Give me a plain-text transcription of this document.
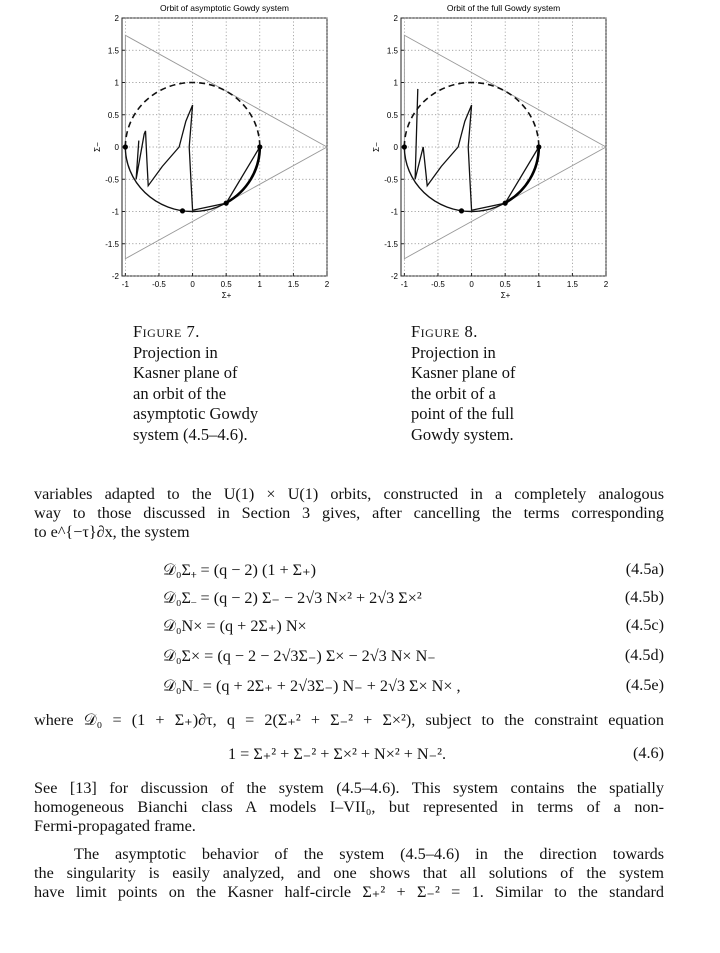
Orbit of asymptotic Gowdy system
-1	-0.5	0	0.5	1	1.5	2
2
1.5
1
0.5
0
-0.5
-1
-1.5
-2
Σ+
Σ−
Figure 7.
Projection in
Kasner plane of
an orbit of the
asymptotic Gowdy
system (4.5–4.6).
Orbit of the full Gowdy system
-1	-0.5	0	0.5	1	1.5	2
2
1.5
1
0.5
0
-0.5
-1
-1.5
-2
Σ+
Σ−
Figure 8.
Projection in
Kasner plane of
the orbit of a
point of the full
Gowdy system.
variables adapted to the U(1) × U(1) orbits, constructed in a completely analogous
way to those discussed in Section 3 gives, after cancelling the terms corresponding
to e^{−τ}∂x, the system
𝒟₀Σ₊ = (q − 2) (1 + Σ₊)	(4.5a)
𝒟₀Σ₋ = (q − 2) Σ₋ − 2√3 N×² + 2√3 Σ×²	(4.5b)
𝒟₀N× = (q + 2Σ₊) N×	(4.5c)
𝒟₀Σ× = (q − 2 − 2√3Σ₋) Σ× − 2√3 N× N₋	(4.5d)
𝒟₀N₋ = (q + 2Σ₊ + 2√3Σ₋) N₋ + 2√3 Σ× N× ,	(4.5e)
where 𝒟₀ = (1 + Σ₊)∂τ, q = 2(Σ₊² + Σ₋² + Σ×²), subject to the constraint equation
1 = Σ₊² + Σ₋² + Σ×² + N×² + N₋².	(4.6)
See [13] for discussion of the system (4.5–4.6). This system contains the spatially
homogeneous Bianchi class A models I–VII₀, but represented in terms of a non-
Fermi-propagated frame.
The asymptotic behavior of the system (4.5–4.6) in the direction towards
the singularity is easily analyzed, and one shows that all solutions of the system
have limit points on the Kasner half-circle Σ₊² + Σ₋² = 1. Similar to the standard
